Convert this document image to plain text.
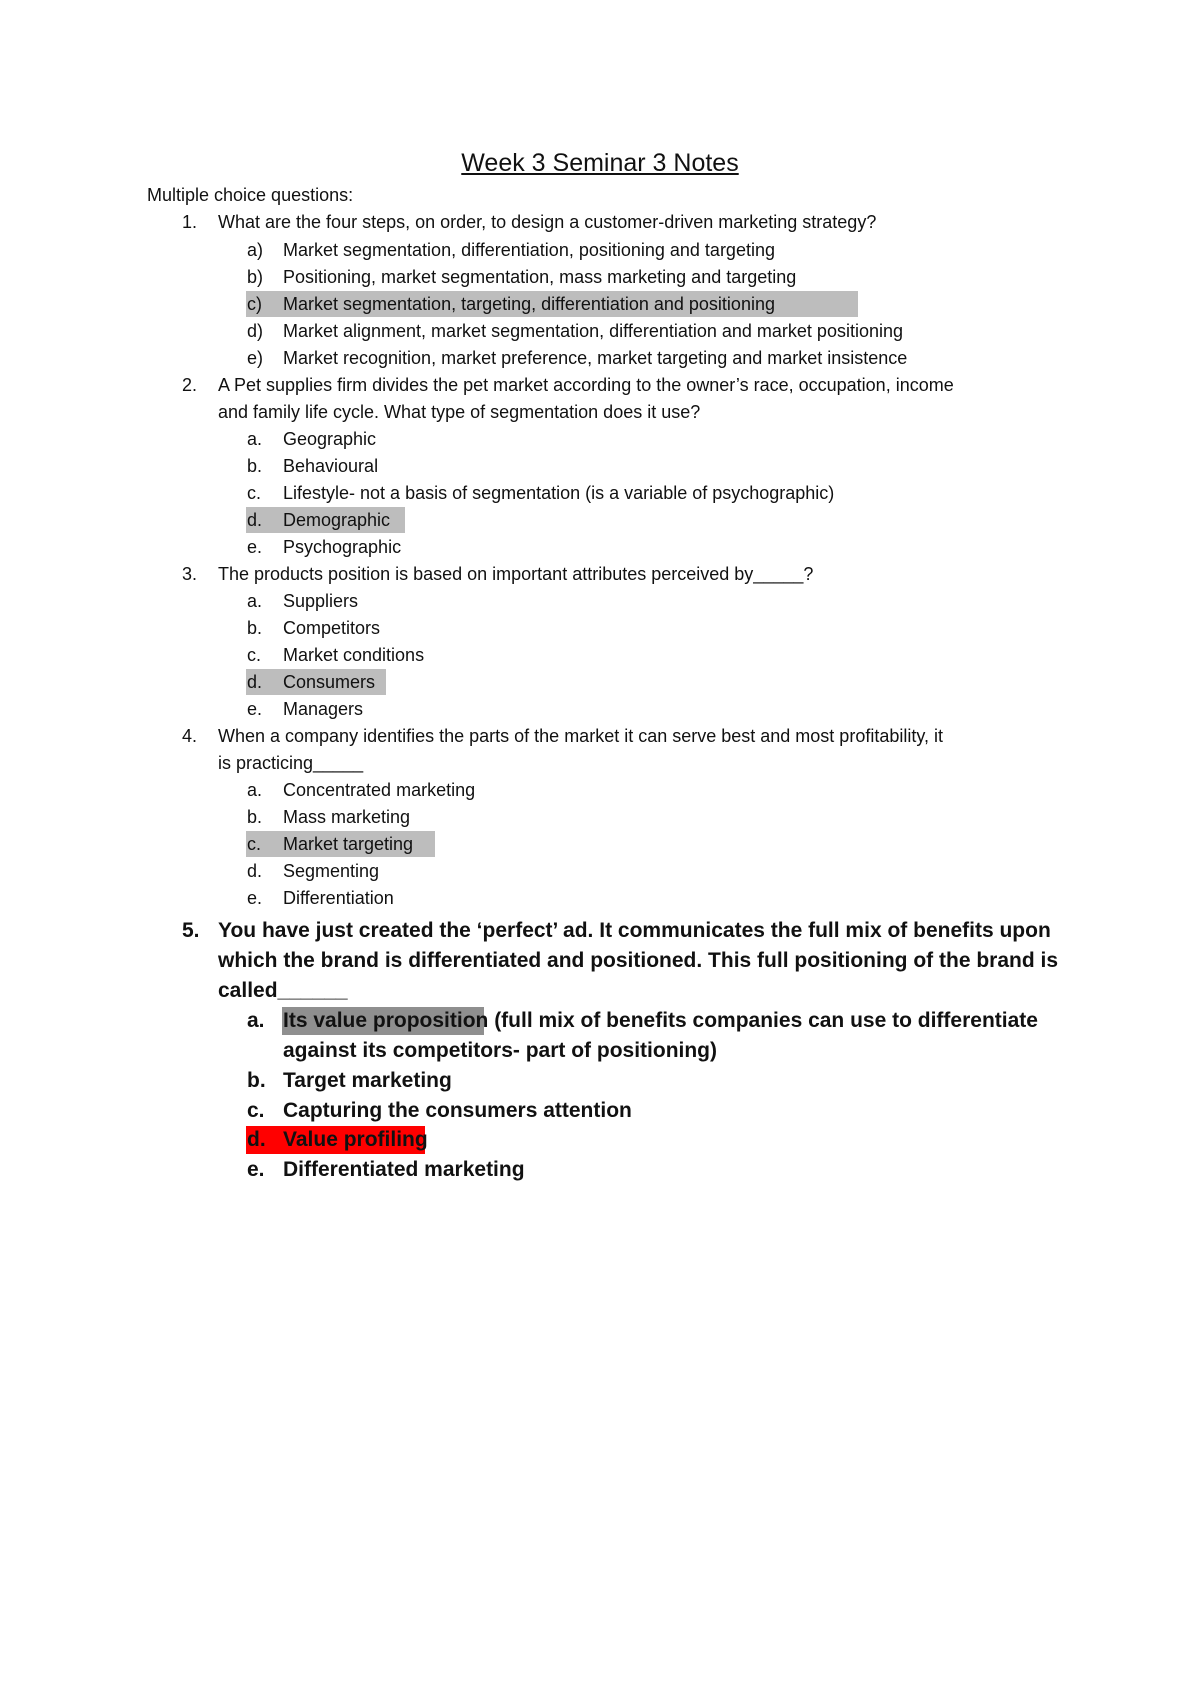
Week 3 Seminar 3 Notes
Multiple choice questions:
1. What are the four steps, on order, to design a customer-driven marketing strategy?
a) Market segmentation, differentiation, positioning and targeting
b) Positioning, market segmentation, mass marketing and targeting
c) Market segmentation, targeting, differentiation and positioning
d) Market alignment, market segmentation, differentiation and market positioning
e) Market recognition, market preference, market targeting and market insistence
2. A Pet supplies firm divides the pet market according to the owner’s race, occupation, income
and family life cycle. What type of segmentation does it use?
a. Geographic
b. Behavioural
c. Lifestyle- not a basis of segmentation (is a variable of psychographic)
d. Demographic
e. Psychographic
3. The products position is based on important attributes perceived by_____?
a. Suppliers
b. Competitors
c. Market conditions
d. Consumers
e. Managers
4. When a company identifies the parts of the market it can serve best and most profitability, it
is practicing_____
a. Concentrated marketing
b. Mass marketing
c. Market targeting
d. Segmenting
e. Differentiation
5. You have just created the ‘perfect’ ad. It communicates the full mix of benefits upon
which the brand is differentiated and positioned. This full positioning of the brand is
called______
a. Its value proposition (full mix of benefits companies can use to differentiate
against its competitors- part of positioning)
b. Target marketing
c. Capturing the consumers attention
d. Value profiling
e. Differentiated marketing
